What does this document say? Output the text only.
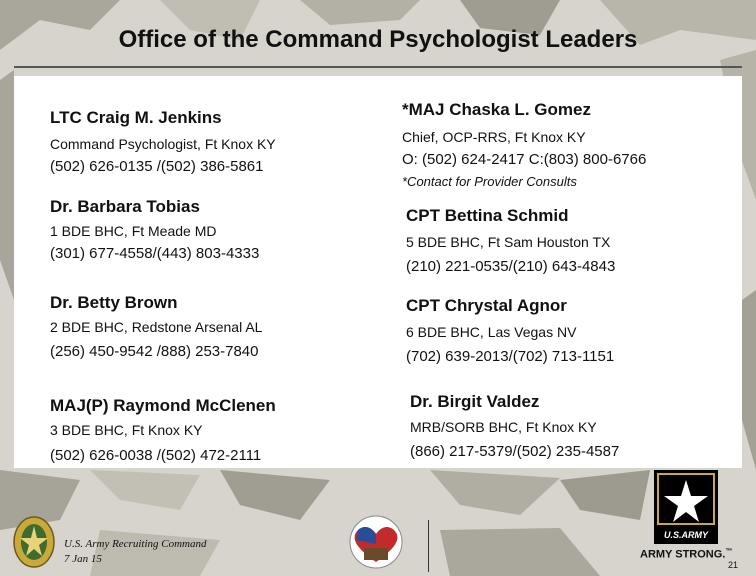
Office of the Command Psychologist Leaders
LTC Craig M. Jenkins
Command Psychologist, Ft Knox KY
(502) 626-0135 /(502) 386-5861
Dr. Barbara Tobias
1 BDE BHC, Ft Meade MD
(301) 677-4558/(443) 803-4333
Dr. Betty Brown
2 BDE BHC, Redstone Arsenal AL
(256) 450-9542 /888) 253-7840
MAJ(P) Raymond McClenen
3 BDE BHC, Ft Knox KY
(502) 626-0038 /(502) 472-2111
*MAJ Chaska L. Gomez
Chief, OCP-RRS, Ft Knox KY
O: (502) 624-2417 C:(803) 800-6766
*Contact for Provider Consults
CPT Bettina Schmid
5 BDE BHC, Ft Sam Houston TX
(210) 221-0535/(210) 643-4843
CPT Chrystal Agnor
6 BDE BHC, Las Vegas NV
(702) 639-2013/(702) 713-1151
Dr. Birgit Valdez
MRB/SORB BHC, Ft Knox KY
(866) 217-5379/(502) 235-4587
U.S. Army Recruiting Command
7 Jan 15
U.S.ARMY
ARMY STRONG.™
21
